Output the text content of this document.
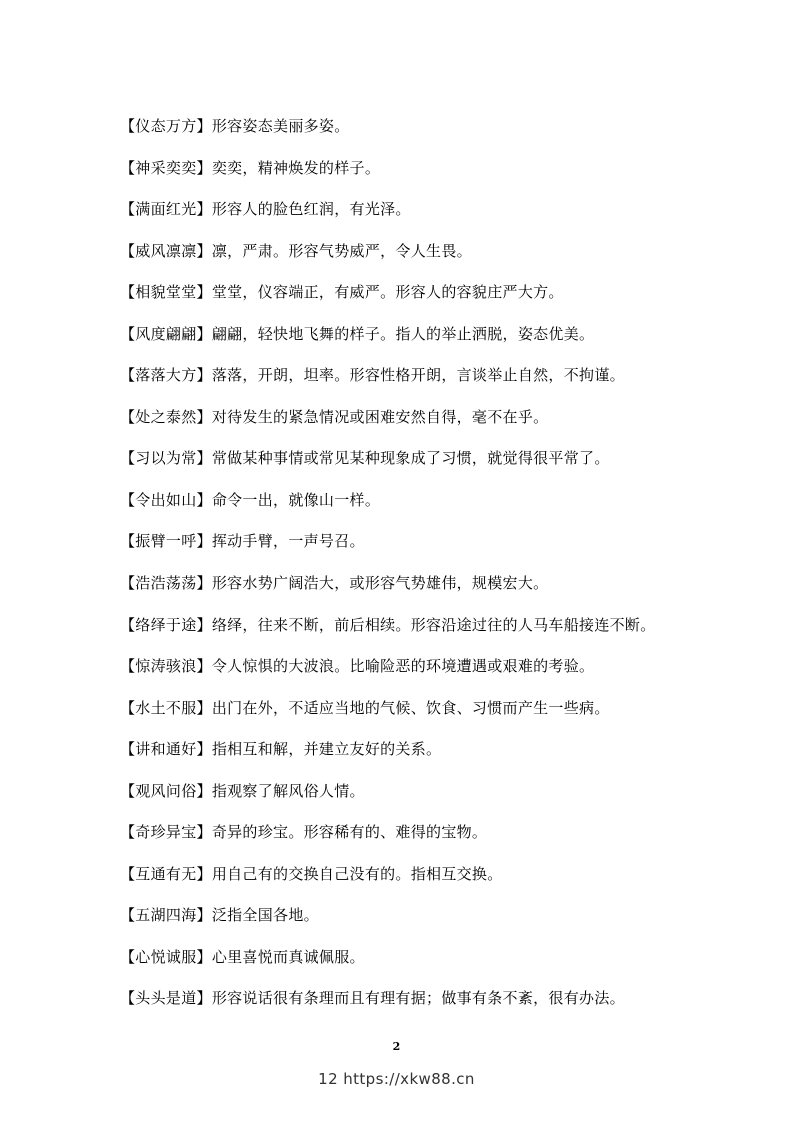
【仪态万方】形容姿态美丽多姿。
【神采奕奕】奕奕，精神焕发的样子。
【满面红光】形容人的脸色红润，有光泽。
【威风凛凛】凛，严肃。形容气势威严，令人生畏。
【相貌堂堂】堂堂，仪容端正，有威严。形容人的容貌庄严大方。
【风度翩翩】翩翩，轻快地飞舞的样子。指人的举止洒脱，姿态优美。
【落落大方】落落，开朗，坦率。形容性格开朗，言谈举止自然，不拘谨。
【处之泰然】对待发生的紧急情况或困难安然自得，毫不在乎。
【习以为常】常做某种事情或常见某种现象成了习惯，就觉得很平常了。
【令出如山】命令一出，就像山一样。
【振臂一呼】挥动手臂，一声号召。
【浩浩荡荡】形容水势广阔浩大，或形容气势雄伟，规模宏大。
【络绎于途】络绎，往来不断，前后相续。形容沿途过往的人马车船接连不断。
【惊涛骇浪】令人惊惧的大波浪。比喻险恶的环境遭遇或艰难的考验。
【水土不服】出门在外，不适应当地的气候、饮食、习惯而产生一些病。
【讲和通好】指相互和解，并建立友好的关系。
【观风问俗】指观察了解风俗人情。
【奇珍异宝】奇异的珍宝。形容稀有的、难得的宝物。
【互通有无】用自己有的交换自己没有的。指相互交换。
【五湖四海】泛指全国各地。
【心悦诚服】心里喜悦而真诚佩服。
【头头是道】形容说话很有条理而且有理有据；做事有条不紊，很有办法。
2
12 https://xkw88.cn
